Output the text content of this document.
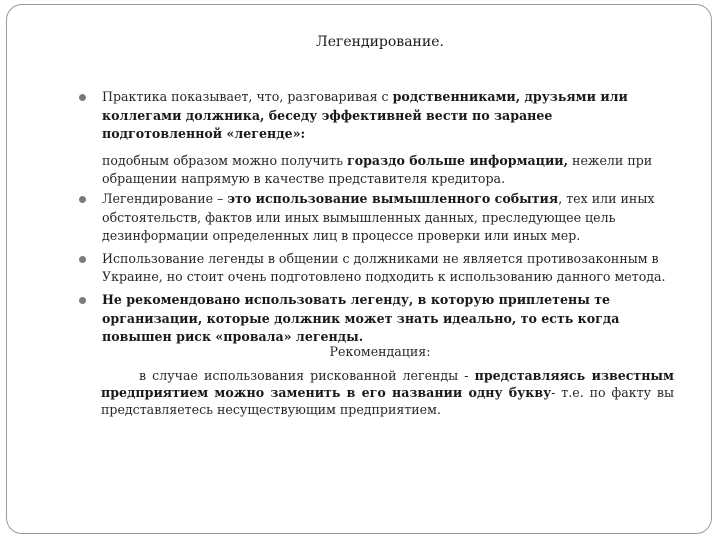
Легендирование.
Практика показывает, что, разговаривая с родственниками, друзьями или коллегами должника, беседу эффективней вести по заранее подготовленной «легенде»:
подобным образом можно получить гораздо больше информации, нежели при обращении напрямую в качестве представителя кредитора.
Легендирование – это использование вымышленного события, тех или иных обстоятельств, фактов или иных вымышленных данных, преследующее цель дезинформации определенных лиц в процессе проверки или иных мер.
Использование легенды в общении с должниками не является противозаконным в Украине, но стоит очень подготовлено подходить к использованию данного метода.
Не рекомендовано использовать легенду, в которую приплетены те организации, которые должник может знать идеально, то есть когда повышен риск «провала» легенды.
Рекомендация:
в случае использования рискованной легенды - представляясь известным предприятием можно заменить в его названии одну букву- т.е. по факту вы представляетесь несуществующим предприятием.
